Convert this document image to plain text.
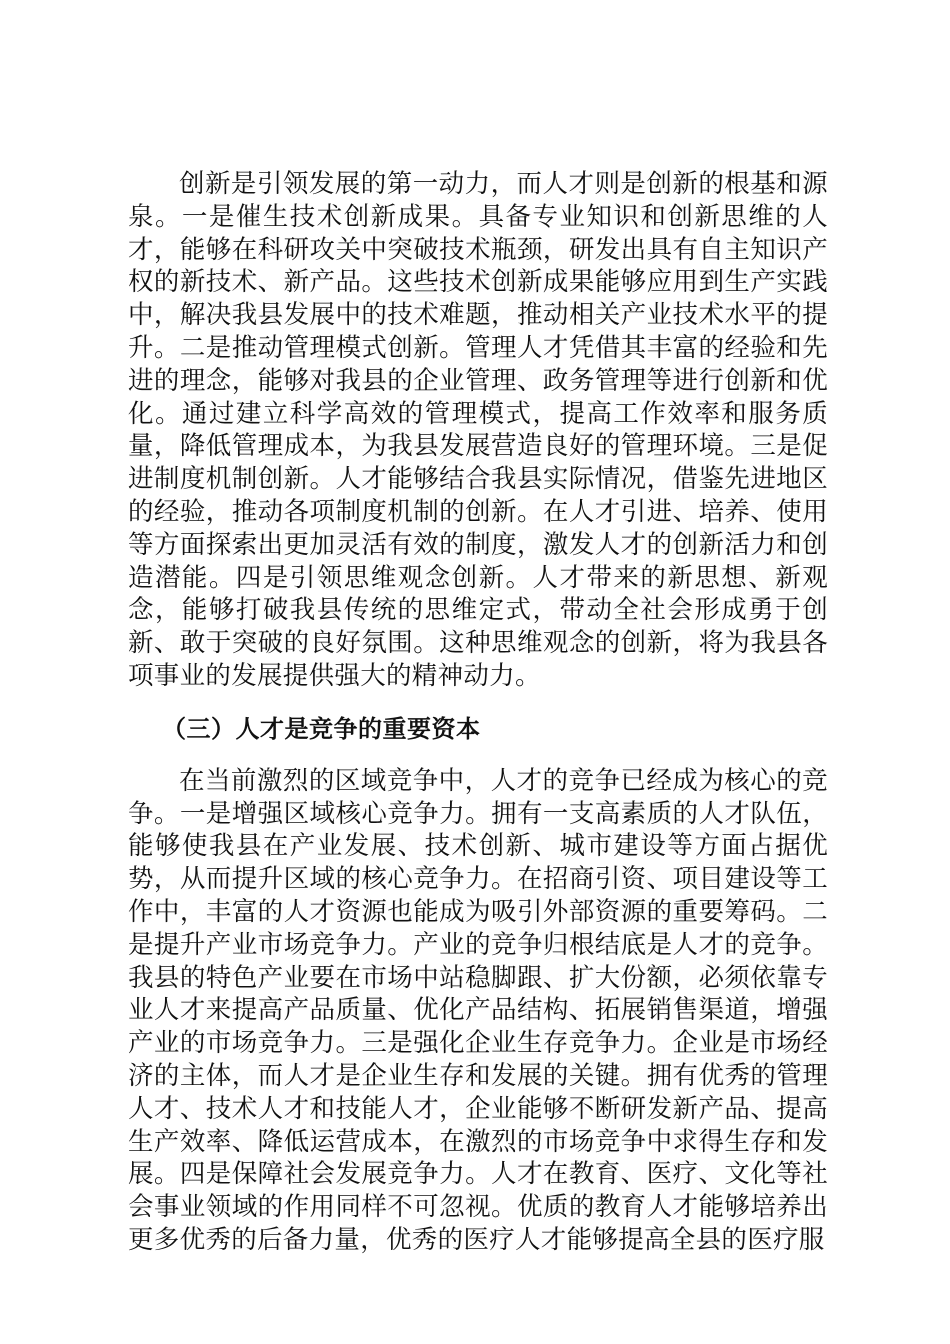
创新是引领发展的第一动力，而人才则是创新的根基和源泉。一是催生技术创新成果。具备专业知识和创新思维的人才，能够在科研攻关中突破技术瓶颈，研发出具有自主知识产权的新技术、新产品。这些技术创新成果能够应用到生产实践中，解决我县发展中的技术难题，推动相关产业技术水平的提升。二是推动管理模式创新。管理人才凭借其丰富的经验和先进的理念，能够对我县的企业管理、政务管理等进行创新和优化。通过建立科学高效的管理模式，提高工作效率和服务质量，降低管理成本，为我县发展营造良好的管理环境。三是促进制度机制创新。人才能够结合我县实际情况，借鉴先进地区的经验，推动各项制度机制的创新。在人才引进、培养、使用等方面探索出更加灵活有效的制度，激发人才的创新活力和创造潜能。四是引领思维观念创新。人才带来的新思想、新观念，能够打破我县传统的思维定式，带动全社会形成勇于创新、敢于突破的良好氛围。这种思维观念的创新，将为我县各项事业的发展提供强大的精神动力。

（三）人才是竞争的重要资本

在当前激烈的区域竞争中，人才的竞争已经成为核心的竞争。一是增强区域核心竞争力。拥有一支高素质的人才队伍，能够使我县在产业发展、技术创新、城市建设等方面占据优势，从而提升区域的核心竞争力。在招商引资、项目建设等工作中，丰富的人才资源也能成为吸引外部资源的重要筹码。二是提升产业市场竞争力。产业的竞争归根结底是人才的竞争。我县的特色产业要在市场中站稳脚跟、扩大份额，必须依靠专业人才来提高产品质量、优化产品结构、拓展销售渠道，增强产业的市场竞争力。三是强化企业生存竞争力。企业是市场经济的主体，而人才是企业生存和发展的关键。拥有优秀的管理人才、技术人才和技能人才，企业能够不断研发新产品、提高生产效率、降低运营成本，在激烈的市场竞争中求得生存和发展。四是保障社会发展竞争力。人才在教育、医疗、文化等社会事业领域的作用同样不可忽视。优质的教育人才能够培养出更多优秀的后备力量，优秀的医疗人才能够提高全县的医疗服
